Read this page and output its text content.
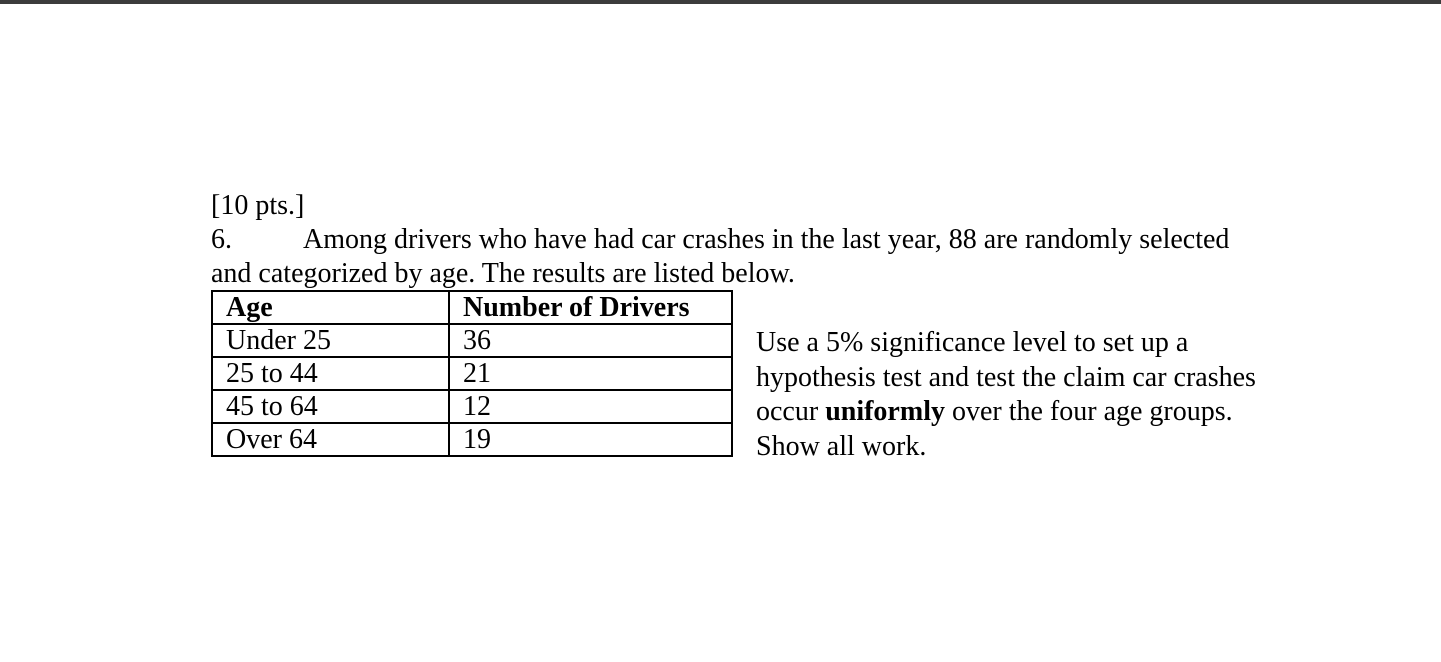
[10 pts.]
6.	Among drivers who have had car crashes in the last year, 88 are randomly selected
and categorized by age. The results are listed below.
Age	Number of Drivers
Under 25	36
25 to 44	21
45 to 64	12
Over 64	19
Use a 5% significance level to set up a
hypothesis test and test the claim car crashes
occur uniformly over the four age groups.
Show all work.
